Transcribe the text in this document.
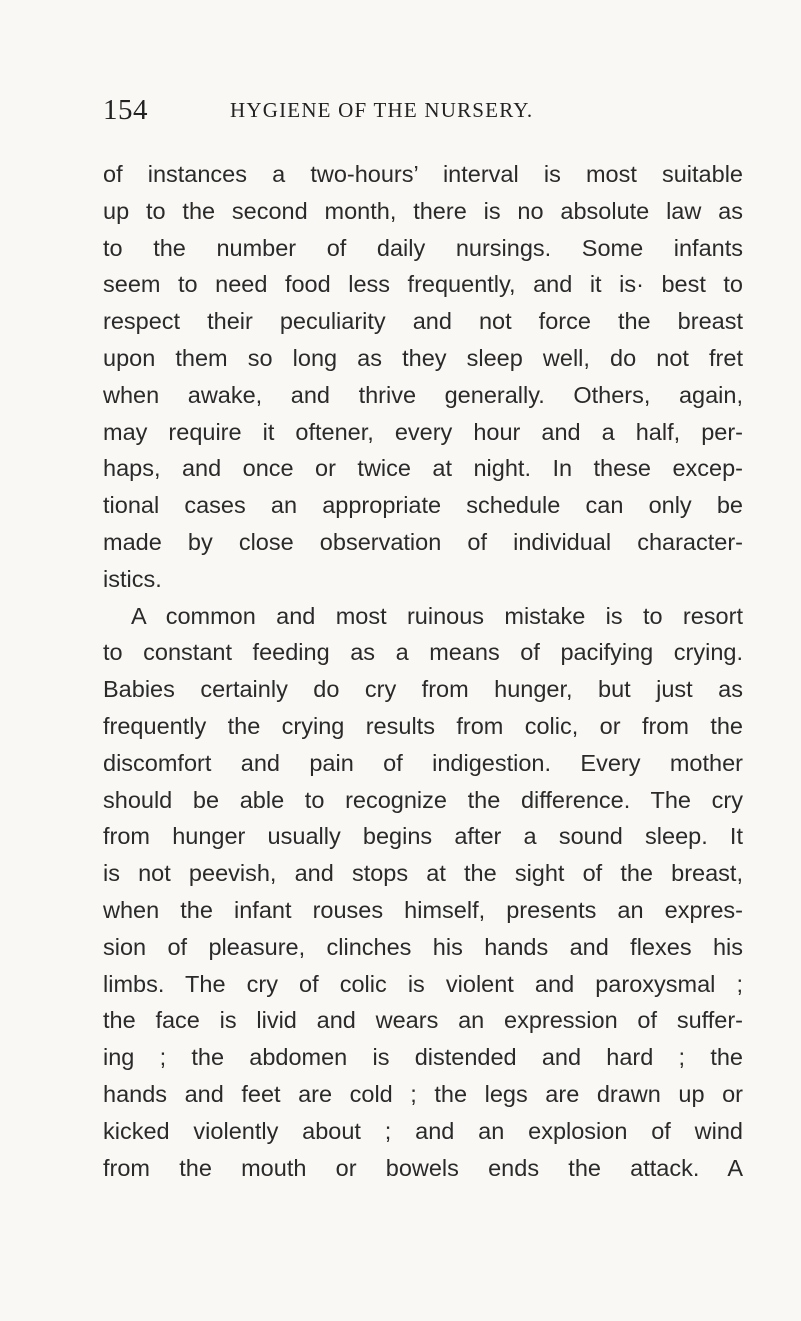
154	HYGIENE OF THE NURSERY.
of instances a two-hours’ interval is most suitable
up to the second month, there is no absolute law as
to the number of daily nursings. Some infants
seem to need food less frequently, and it is· best to
respect their peculiarity and not force the breast
upon them so long as they sleep well, do not fret
when awake, and thrive generally. Others, again,
may require it oftener, every hour and a half, per-
haps, and once or twice at night. In these excep-
tional cases an appropriate schedule can only be
made by close observation of individual character-
istics.
A common and most ruinous mistake is to resort
to constant feeding as a means of pacifying crying.
Babies certainly do cry from hunger, but just as
frequently the crying results from colic, or from the
discomfort and pain of indigestion. Every mother
should be able to recognize the difference. The cry
from hunger usually begins after a sound sleep. It
is not peevish, and stops at the sight of the breast,
when the infant rouses himself, presents an expres-
sion of pleasure, clinches his hands and flexes his
limbs. The cry of colic is violent and paroxysmal ;
the face is livid and wears an expression of suffer-
ing ; the abdomen is distended and hard ; the
hands and feet are cold ; the legs are drawn up or
kicked violently about ; and an explosion of wind
from the mouth or bowels ends the attack. A
